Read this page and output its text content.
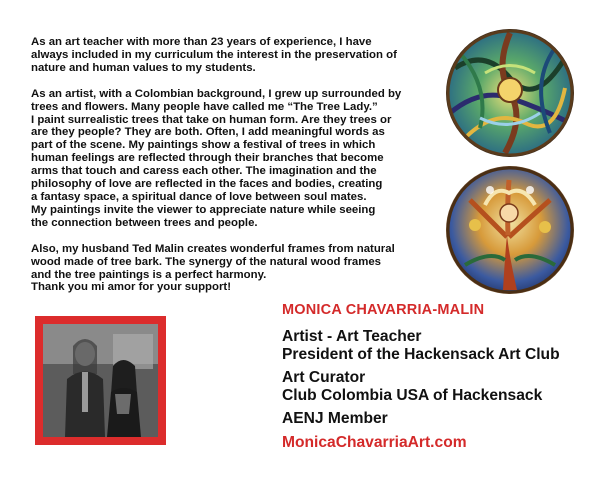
As an art teacher with more than 23 years of experience, I have
always included in my curriculum the interest in the preservation of
nature and human values to my students.

As an artist, with a Colombian background, I grew up surrounded by
trees and flowers. Many people have called me “The Tree Lady.”
I paint surrealistic trees that take on human form. Are they trees or
are they people? They are both. Often, I add meaningful words as
part of the scene. My paintings show a festival of trees in which
human feelings are reflected through their branches that become
arms that touch and caress each other. The imagination and the
philosophy of love are reflected in the faces and bodies, creating
a fantasy space, a spiritual dance of love between soul mates.
My paintings invite the viewer to appreciate nature while seeing
the connection between trees and people.

Also, my husband Ted Malin creates wonderful frames from natural
wood made of tree bark. The synergy of the natural wood frames
and the tree paintings is a perfect harmony.
Thank you mi amor for your support!

MONICA CHAVARRIA-MALIN
Artist - Art Teacher
President of the Hackensack Art Club
Art Curator
Club Colombia USA of Hackensack
AENJ Member
MonicaChavarriaArt.com
